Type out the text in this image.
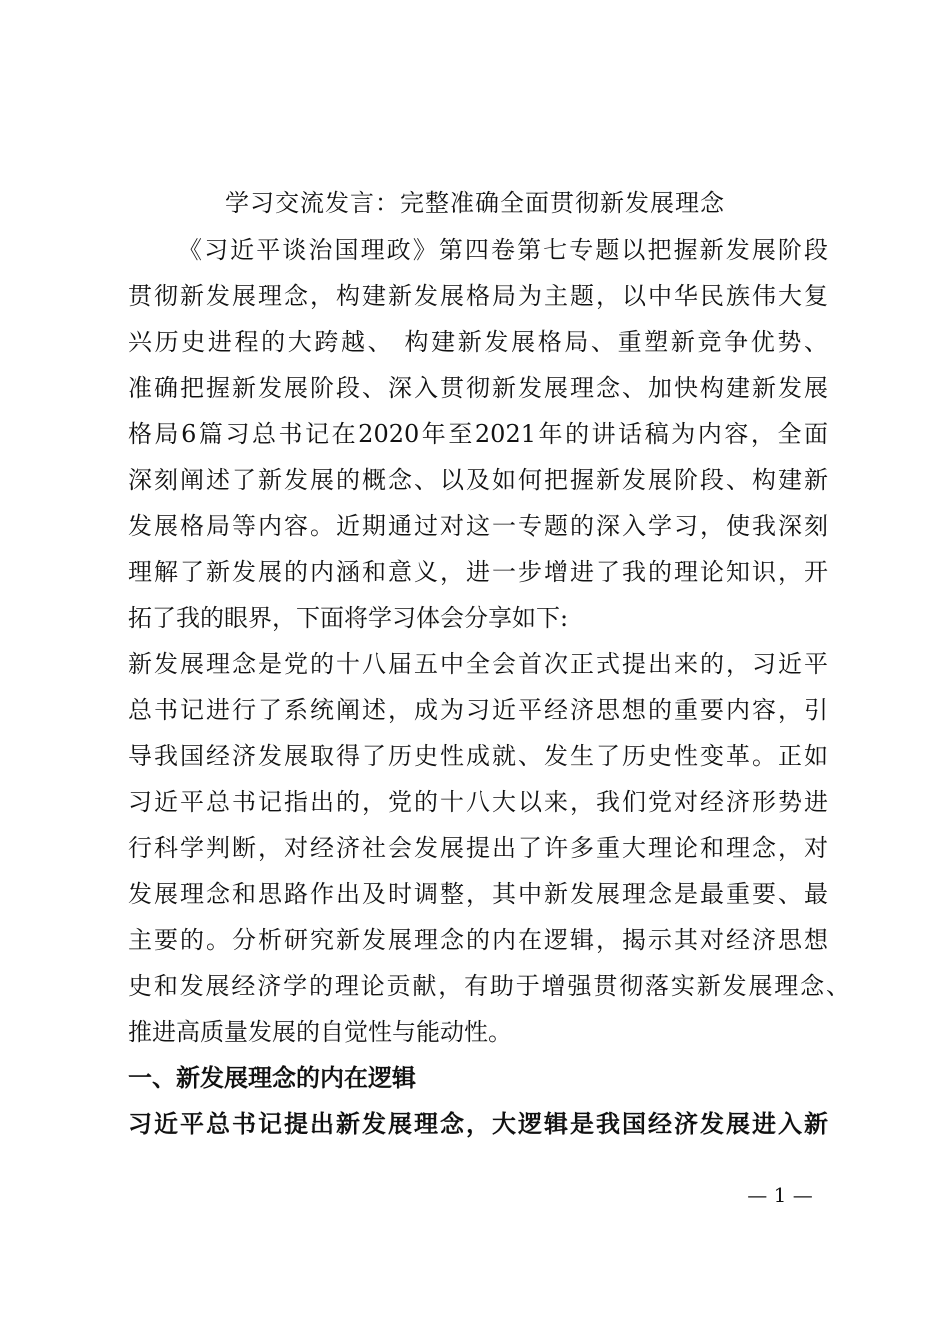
学习交流发言：完整准确全面贯彻新发展理念
《习近平谈治国理政》第四卷第七专题以把握新发展阶段
贯彻新发展理念，构建新发展格局为主题，以中华民族伟大复
兴历史进程的大跨越、 构建新发展格局、重塑新竞争优势、
准确把握新发展阶段、深入贯彻新发展理念、加快构建新发展
格局6篇习总书记在2020年至2021年的讲话稿为内容，全面
深刻阐述了新发展的概念、以及如何把握新发展阶段、构建新
发展格局等内容。近期通过对这一专题的深入学习，使我深刻
理解了新发展的内涵和意义，进一步增进了我的理论知识，开
拓了我的眼界，下面将学习体会分享如下:
新发展理念是党的十八届五中全会首次正式提出来的，习近平
总书记进行了系统阐述，成为习近平经济思想的重要内容，引
导我国经济发展取得了历史性成就、发生了历史性变革。正如
习近平总书记指出的，党的十八大以来，我们党对经济形势进
行科学判断，对经济社会发展提出了许多重大理论和理念，对
发展理念和思路作出及时调整，其中新发展理念是最重要、最
主要的。分析研究新发展理念的内在逻辑，揭示其对经济思想
史和发展经济学的理论贡献，有助于增强贯彻落实新发展理念、
推进高质量发展的自觉性与能动性。
一、新发展理念的内在逻辑
习近平总书记提出新发展理念，大逻辑是我国经济发展进入新
— 1 —
